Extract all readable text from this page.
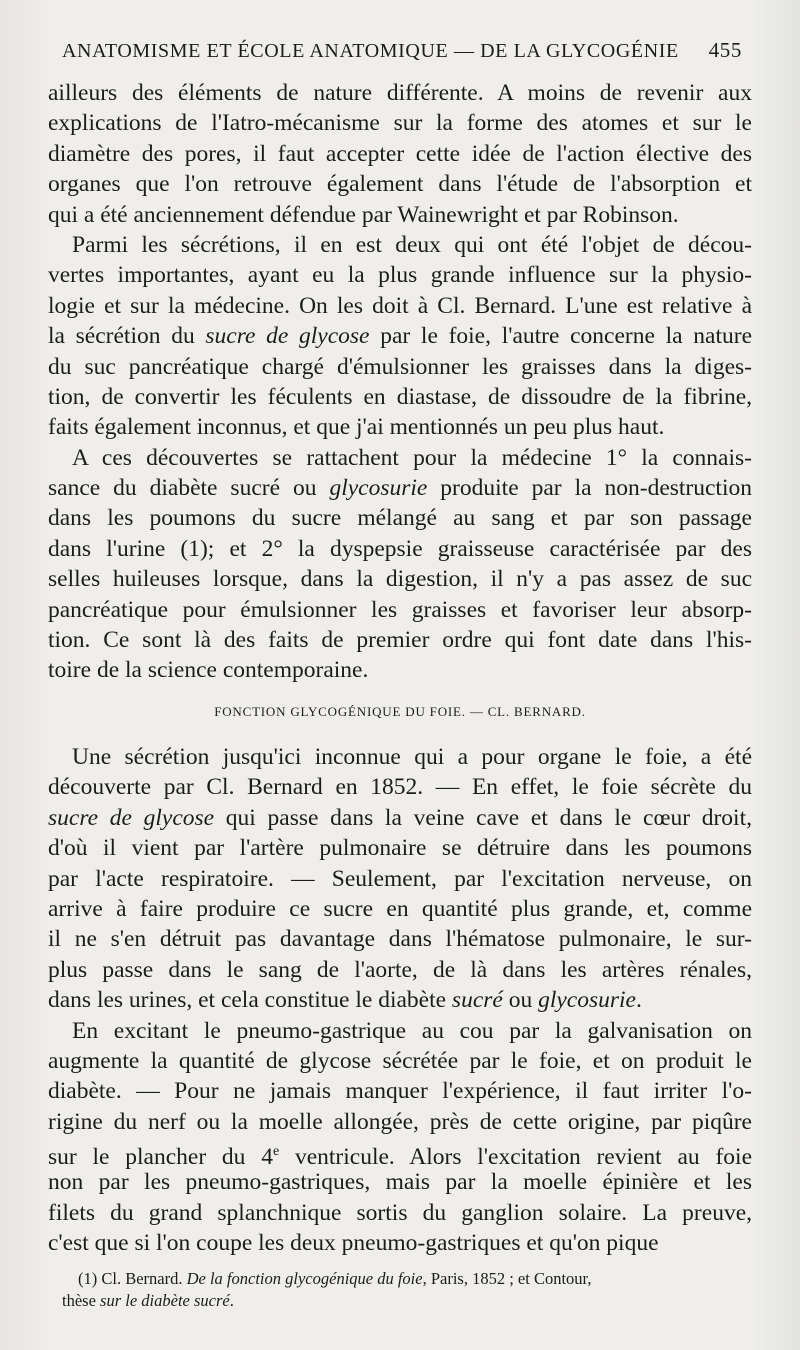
ANATOMISME ET ÉCOLE ANATOMIQUE — DE LA GLYCOGÉNIE 455
ailleurs des éléments de nature différente. A moins de revenir aux
explications de l'Iatro-mécanisme sur la forme des atomes et sur le
diamètre des pores, il faut accepter cette idée de l'action élective des
organes que l'on retrouve également dans l'étude de l'absorption et
qui a été anciennement défendue par Wainewright et par Robinson.
Parmi les sécrétions, il en est deux qui ont été l'objet de décou-
vertes importantes, ayant eu la plus grande influence sur la physio-
logie et sur la médecine. On les doit à Cl. Bernard. L'une est relative à
la sécrétion du sucre de glycose par le foie, l'autre concerne la nature
du suc pancréatique chargé d'émulsionner les graisses dans la diges-
tion, de convertir les féculents en diastase, de dissoudre de la fibrine,
faits également inconnus, et que j'ai mentionnés un peu plus haut.
A ces découvertes se rattachent pour la médecine 1° la connais-
sance du diabète sucré ou glycosurie produite par la non-destruction
dans les poumons du sucre mélangé au sang et par son passage
dans l'urine (1); et 2° la dyspepsie graisseuse caractérisée par des
selles huileuses lorsque, dans la digestion, il n'y a pas assez de suc
pancréatique pour émulsionner les graisses et favoriser leur absorp-
tion. Ce sont là des faits de premier ordre qui font date dans l'his-
toire de la science contemporaine.
FONCTION GLYCOGÉNIQUE DU FOIE. — CL. BERNARD.
Une sécrétion jusqu'ici inconnue qui a pour organe le foie, a été
découverte par Cl. Bernard en 1852. — En effet, le foie sécrète du
sucre de glycose qui passe dans la veine cave et dans le cœur droit,
d'où il vient par l'artère pulmonaire se détruire dans les poumons
par l'acte respiratoire. — Seulement, par l'excitation nerveuse, on
arrive à faire produire ce sucre en quantité plus grande, et, comme
il ne s'en détruit pas davantage dans l'hématose pulmonaire, le sur-
plus passe dans le sang de l'aorte, de là dans les artères rénales,
dans les urines, et cela constitue le diabète sucré ou glycosurie.
En excitant le pneumo-gastrique au cou par la galvanisation on
augmente la quantité de glycose sécrétée par le foie, et on produit le
diabète. — Pour ne jamais manquer l'expérience, il faut irriter l'o-
rigine du nerf ou la moelle allongée, près de cette origine, par piqûre
sur le plancher du 4e ventricule. Alors l'excitation revient au foie
non par les pneumo-gastriques, mais par la moelle épinière et les
filets du grand splanchnique sortis du ganglion solaire. La preuve,
c'est que si l'on coupe les deux pneumo-gastriques et qu'on pique
(1) Cl. Bernard. De la fonction glycogénique du foie, Paris, 1852 ; et Contour,
thèse sur le diabète sucré.
